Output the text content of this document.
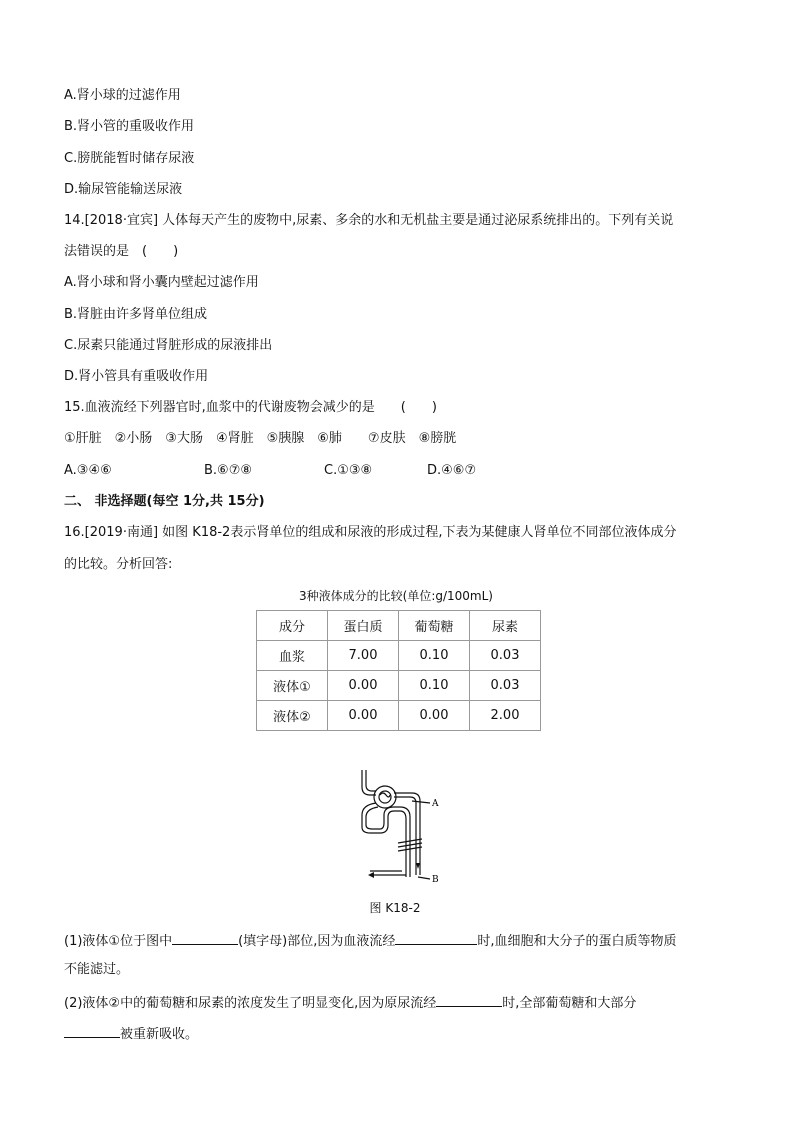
A.肾小球的过滤作用
B.肾小管的重吸收作用
C.膀胱能暂时储存尿液
D.输尿管能输送尿液
14.[2018·宜宾] 人体每天产生的废物中,尿素、多余的水和无机盐主要是通过泌尿系统排出的。下列有关说
法错误的是　(　　)
A.肾小球和肾小囊内壁起过滤作用
B.肾脏由许多肾单位组成
C.尿素只能通过肾脏形成的尿液排出
D.肾小管具有重吸收作用
15.血液流经下列器官时,血浆中的代谢废物会减少的是　　(　　)
①肝脏　②小肠　③大肠　④肾脏　⑤胰腺　⑥肺　　⑦皮肤　⑧膀胱
A.③④⑥	B.⑥⑦⑧	C.①③⑧	D.④⑥⑦
二、 非选择题(每空 1分,共 15分)
16.[2019·南通] 如图 K18-2表示肾单位的组成和尿液的形成过程,下表为某健康人肾单位不同部位液体成分
的比较。分析回答:
3种液体成分的比较(单位:g/100mL)
成分	蛋白质	葡萄糖	尿素
血浆	7.00	0.10	0.03
液体①	0.00	0.10	0.03
液体②	0.00	0.00	2.00
A
B
图 K18-2
(1)液体①位于图中	(填字母)部位,因为血液流经	时,血细胞和大分子的蛋白质等物质
不能滤过。
(2)液体②中的葡萄糖和尿素的浓度发生了明显变化,因为原尿流经	时,全部葡萄糖和大部分
被重新吸收。
